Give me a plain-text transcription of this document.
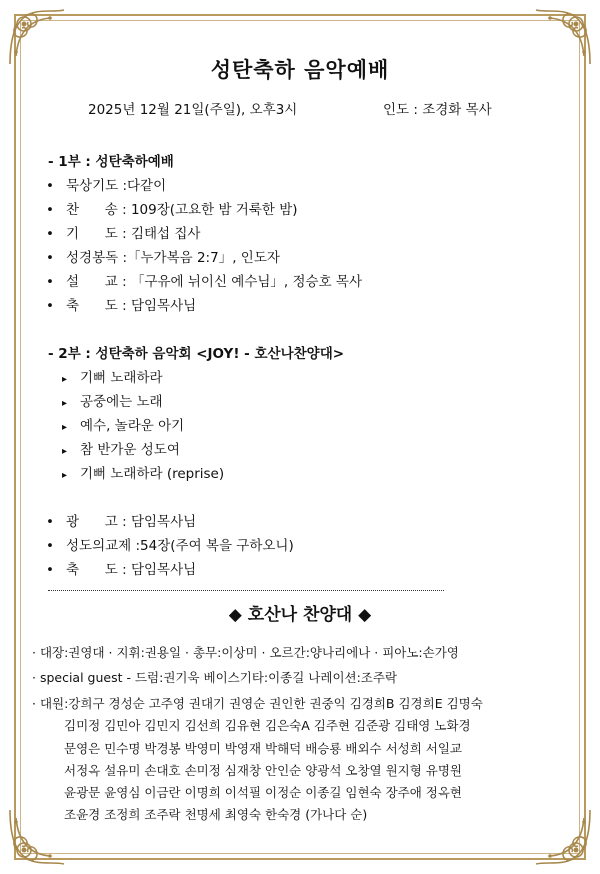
성탄축하 음악예배
2025년 12월 21일(주일), 오후3시	인도 : 조경화 목사
- 1부 : 성탄축하예배
• 묵상기도 :다같이
• 찬      송 : 109장(고요한 밤 거룩한 밤)
• 기      도 : 김태섭 집사
• 성경봉독 :「누가복음 2:7」, 인도자
• 설      교 : 「구유에 뉘이신 예수님」, 정승호 목사
• 축      도 : 담임목사님
- 2부 : 성탄축하 음악회 <JOY! - 호산나찬양대>
▸ 기뻐 노래하라
▸ 공중에는 노래
▸ 예수, 놀라운 아기
▸ 참 반가운 성도여
▸ 기뻐 노래하라 (reprise)
• 광      고 : 담임목사님
• 성도의교제 :54장(주여 복을 구하오니)
• 축      도 : 담임목사님
◆ 호산나 찬양대 ◆
· 대장:권영대 · 지휘:권용일 · 총무:이상미 · 오르간:양나리에나 · 피아노:손가영
· special guest - 드럼:권기욱 베이스기타:이종길 나레이션:조주락
· 대원:강희구 경성순 고주영 권대기 권영순 권인한 권중익 김경희B 김경희E 김명숙
김미정 김민아 김민지 김선희 김유현 김은숙A 김주현 김준광 김태영 노화경
문영은 민수명 박경봉 박영미 박영재 박해덕 배승룡 배외수 서성희 서일교
서정옥 설유미 손대호 손미정 심재창 안인순 양광석 오창열 원지형 유명원
윤광문 윤영심 이금란 이명희 이석필 이정순 이종길 임현숙 장주애 정옥현
조윤경 조정희 조주락 천명세 최영숙 한숙경 (가나다 순)
